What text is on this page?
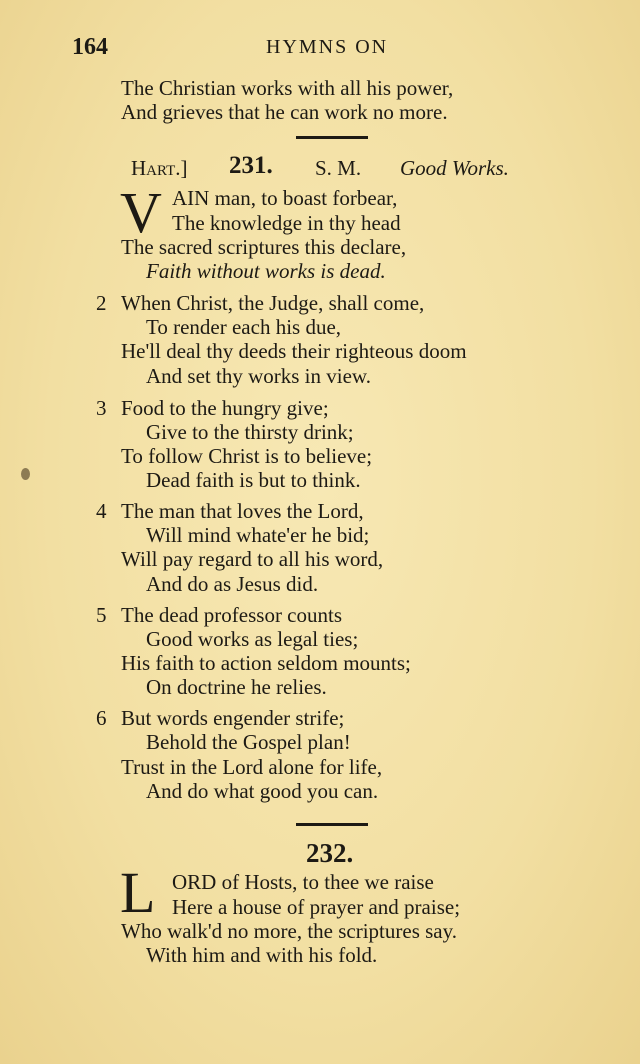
164	HYMNS ON
The Christian works with all his power,
And grieves that he can work no more.
Hart.] 231. S. M. Good Works.
V AIN man, to boast forbear,
The knowledge in thy head
The sacred scriptures this declare,
Faith without works is dead.
2 When Christ, the Judge, shall come,
To render each his due,
He'll deal thy deeds their righteous doom
And set thy works in view.
3 Food to the hungry give;
Give to the thirsty drink;
To follow Christ is to believe;
Dead faith is but to think.
4 The man that loves the Lord,
Will mind whate'er he bid;
Will pay regard to all his word,
And do as Jesus did.
5 The dead professor counts
Good works as legal ties;
His faith to action seldom mounts;
On doctrine he relies.
6 But words engender strife;
Behold the Gospel plan!
Trust in the Lord alone for life,
And do what good you can.
232.
L ORD of Hosts, to thee we raise
Here a house of prayer and praise;
Who walk'd no more, the scriptures say.
With him and with his fold.
